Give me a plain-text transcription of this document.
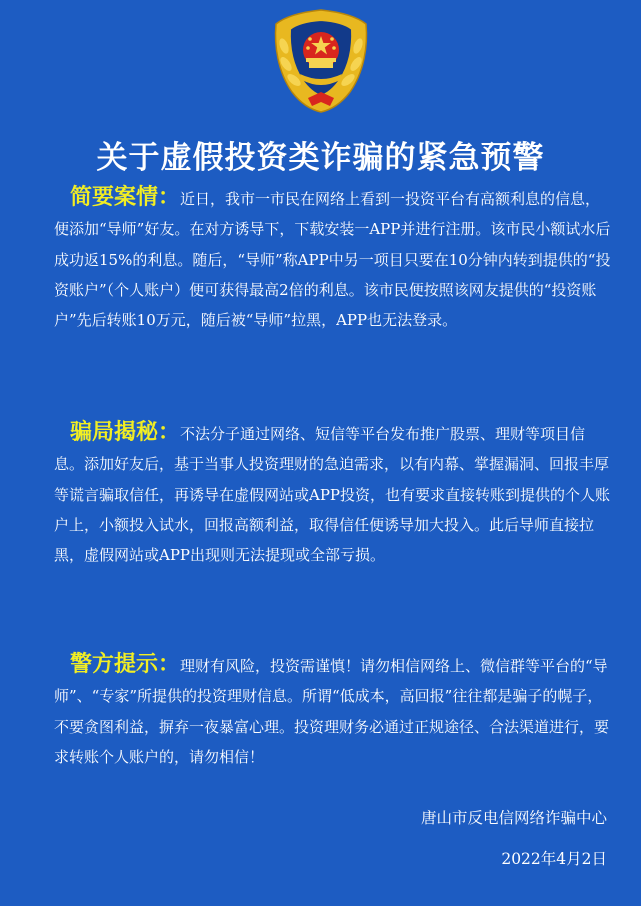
关于虚假投资类诈骗的紧急预警
简要案情：近日，我市一市民在网络上看到一投资平台有高额利息的信息，便添加“导师”好友。在对方诱导下，下载安装一APP并进行注册。该市民小额试水后成功返15%的利息。随后，“导师”称APP中另一项目只要在10分钟内转到提供的“投资账户”（个人账户）便可获得最高2倍的利息。该市民便按照该网友提供的“投资账户”先后转账10万元，随后被“导师”拉黑，APP也无法登录。
骗局揭秘：不法分子通过网络、短信等平台发布推广股票、理财等项目信息。添加好友后，基于当事人投资理财的急迫需求，以有内幕、掌握漏洞、回报丰厚等谎言骗取信任，再诱导在虚假网站或APP投资，也有要求直接转账到提供的个人账户上，小额投入试水，回报高额利益，取得信任便诱导加大投入。此后导师直接拉黑，虚假网站或APP出现则无法提现或全部亏损。
警方提示：理财有风险，投资需谨慎！请勿相信网络上、微信群等平台的“导师”、“专家”所提供的投资理财信息。所谓“低成本，高回报”往往都是骗子的幌子，不要贪图利益，摒弃一夜暴富心理。投资理财务必通过正规途径、合法渠道进行，要求转账个人账户的，请勿相信！
唐山市反电信网络诈骗中心
2022年4月2日
